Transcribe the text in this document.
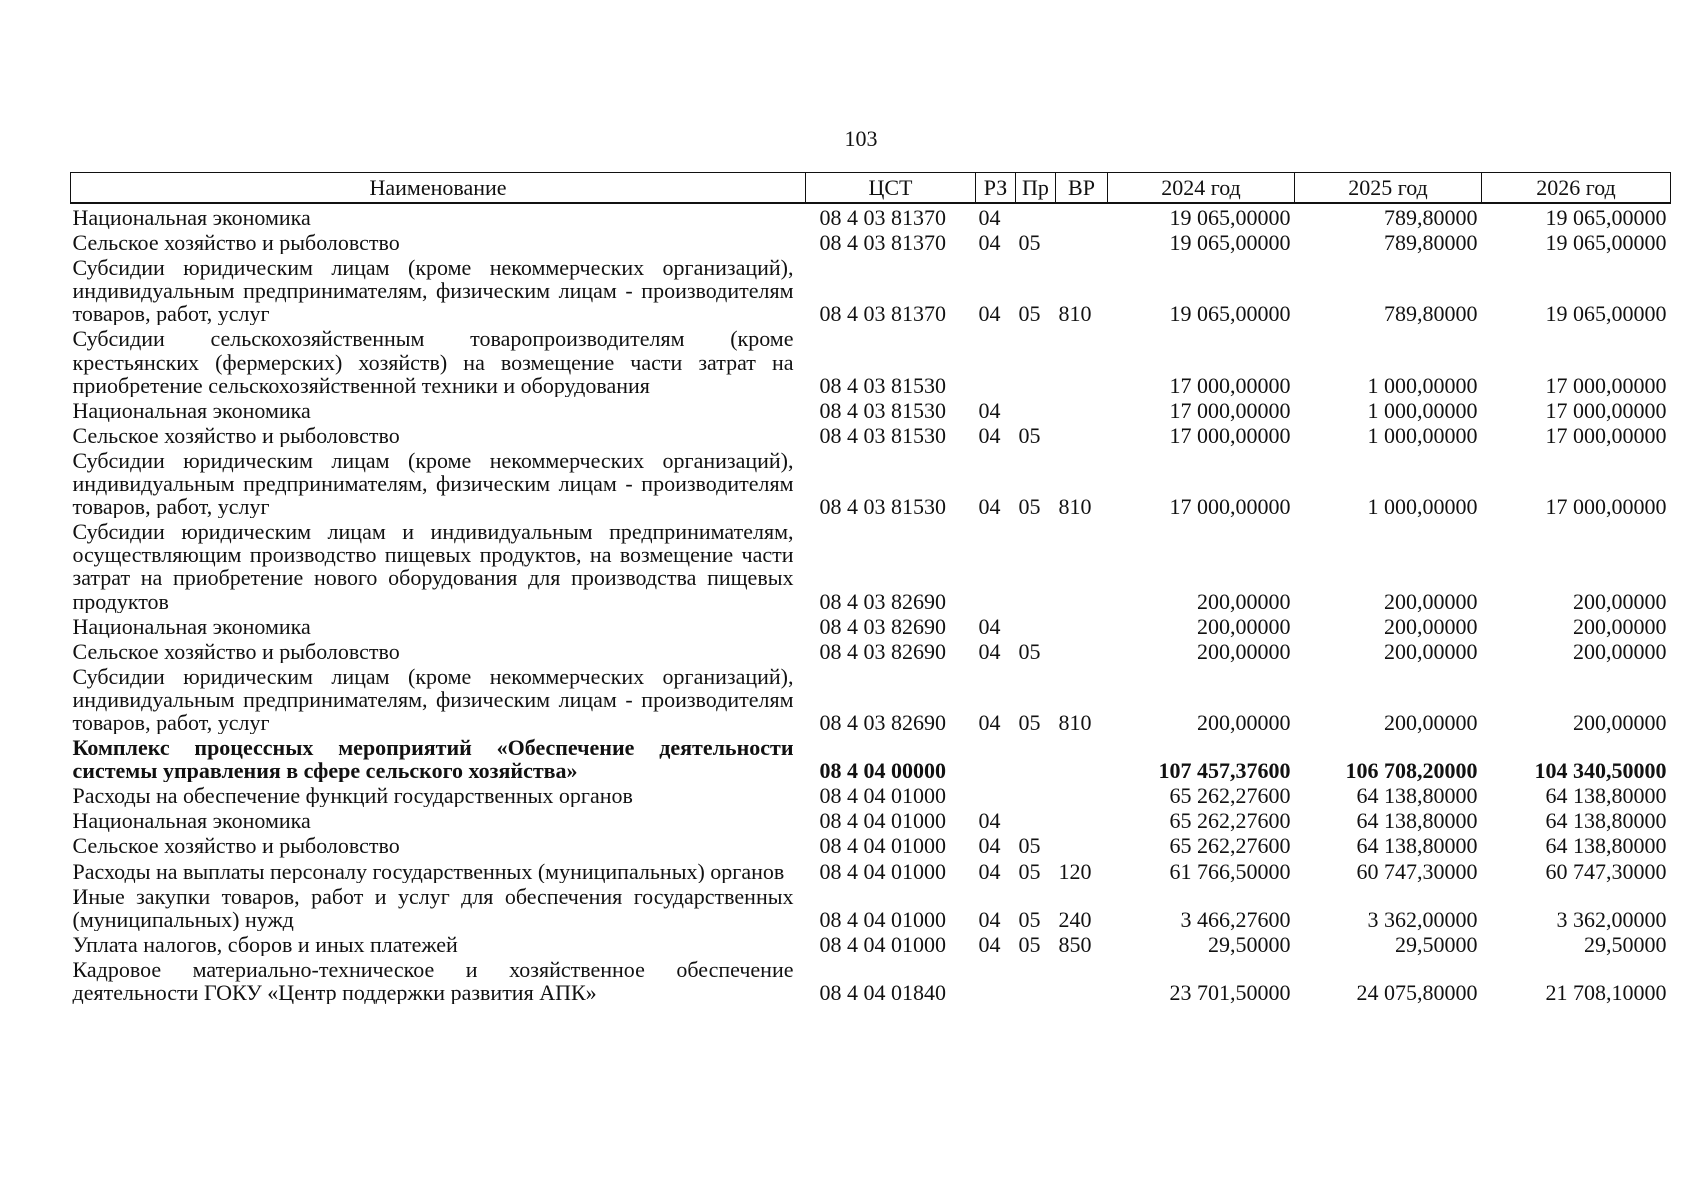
103
Наименование	ЦСТ	РЗ	Пр	ВР	2024 год	2025 год	2026 год
Национальная экономика	08 4 03 81370	04			19 065,00000	789,80000	19 065,00000
Сельское хозяйство и рыболовство	08 4 03 81370	04	05		19 065,00000	789,80000	19 065,00000
Субсидии юридическим лицам (кроме некоммерческих организаций), индивидуальным предпринимателям, физическим лицам - производителям товаров, работ, услуг	08 4 03 81370	04	05	810	19 065,00000	789,80000	19 065,00000
Субсидии сельскохозяйственным товаропроизводителям (кроме крестьянских (фермерских) хозяйств) на возмещение части затрат на приобретение сельскохозяйственной техники и оборудования	08 4 03 81530				17 000,00000	1 000,00000	17 000,00000
Национальная экономика	08 4 03 81530	04			17 000,00000	1 000,00000	17 000,00000
Сельское хозяйство и рыболовство	08 4 03 81530	04	05		17 000,00000	1 000,00000	17 000,00000
Субсидии юридическим лицам (кроме некоммерческих организаций), индивидуальным предпринимателям, физическим лицам - производителям товаров, работ, услуг	08 4 03 81530	04	05	810	17 000,00000	1 000,00000	17 000,00000
Субсидии юридическим лицам и индивидуальным предпринимателям, осуществляющим производство пищевых продуктов, на возмещение части затрат на приобретение нового оборудования для производства пищевых продуктов	08 4 03 82690				200,00000	200,00000	200,00000
Национальная экономика	08 4 03 82690	04			200,00000	200,00000	200,00000
Сельское хозяйство и рыболовство	08 4 03 82690	04	05		200,00000	200,00000	200,00000
Субсидии юридическим лицам (кроме некоммерческих организаций), индивидуальным предпринимателям, физическим лицам - производителям товаров, работ, услуг	08 4 03 82690	04	05	810	200,00000	200,00000	200,00000
Комплекс процессных мероприятий «Обеспечение деятельности системы управления в сфере сельского хозяйства»	08 4 04 00000				107 457,37600	106 708,20000	104 340,50000
Расходы на обеспечение функций государственных органов	08 4 04 01000				65 262,27600	64 138,80000	64 138,80000
Национальная экономика	08 4 04 01000	04			65 262,27600	64 138,80000	64 138,80000
Сельское хозяйство и рыболовство	08 4 04 01000	04	05		65 262,27600	64 138,80000	64 138,80000
Расходы на выплаты персоналу государственных (муниципальных) органов	08 4 04 01000	04	05	120	61 766,50000	60 747,30000	60 747,30000
Иные закупки товаров, работ и услуг для обеспечения государственных (муниципальных) нужд	08 4 04 01000	04	05	240	3 466,27600	3 362,00000	3 362,00000
Уплата налогов, сборов и иных платежей	08 4 04 01000	04	05	850	29,50000	29,50000	29,50000
Кадровое материально-техническое и хозяйственное обеспечение деятельности ГОКУ «Центр поддержки развития АПК»	08 4 04 01840				23 701,50000	24 075,80000	21 708,10000
